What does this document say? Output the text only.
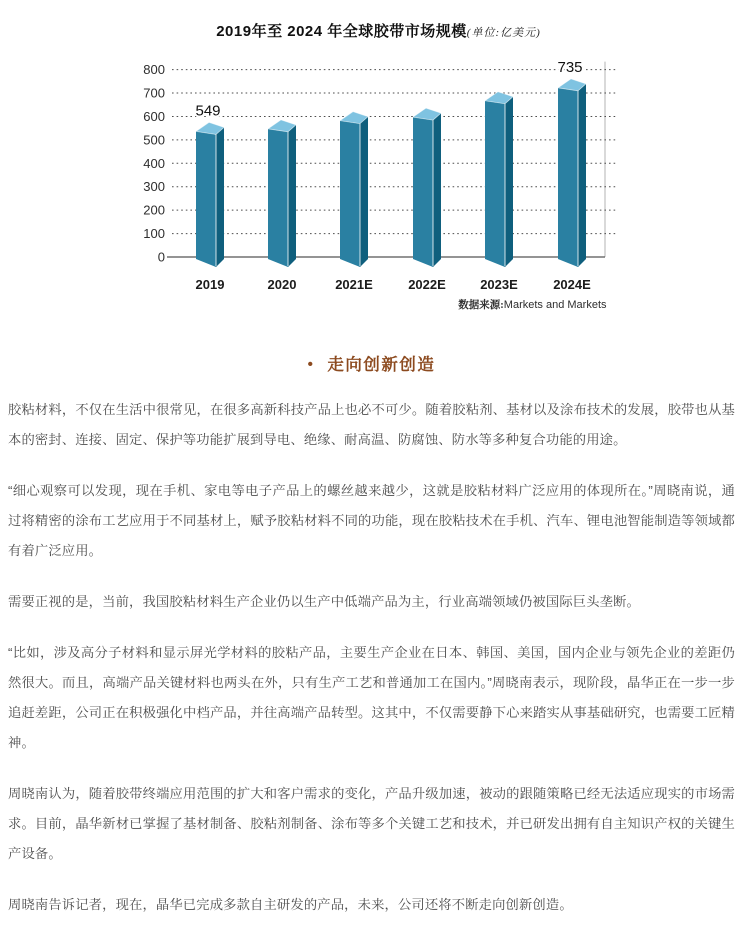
2019年至 2024 年全球胶带市场规模(单位:亿美元)
100
200
300
400
500
600
700
800
0
2019
549
2020	2021E	2022E	2023E	2024E
735
数据来源:Markets and Markets
• 走向创新创造

胶粘材料，不仅在生活中很常见，在很多高新科技产品上也必不可少。随着胶粘剂、基材以及涂布技术的发展，胶带也从基本的密封、连接、固定、保护等功能扩展到导电、绝缘、耐高温、防腐蚀、防水等多种复合功能的用途。

“细心观察可以发现，现在手机、家电等电子产品上的螺丝越来越少，这就是胶粘材料广泛应用的体现所在。”周晓南说，通过将精密的涂布工艺应用于不同基材上，赋予胶粘材料不同的功能，现在胶粘技术在手机、汽车、锂电池智能制造等领域都有着广泛应用。

需要正视的是，当前，我国胶粘材料生产企业仍以生产中低端产品为主，行业高端领域仍被国际巨头垄断。

“比如，涉及高分子材料和显示屏光学材料的胶粘产品，主要生产企业在日本、韩国、美国，国内企业与领先企业的差距仍然很大。而且，高端产品关键材料也两头在外，只有生产工艺和普通加工在国内。”周晓南表示，现阶段，晶华正在一步一步追赶差距，公司正在积极强化中档产品，并往高端产品转型。这其中，不仅需要静下心来踏实从事基础研究，也需要工匠精神。

周晓南认为，随着胶带终端应用范围的扩大和客户需求的变化，产品升级加速，被动的跟随策略已经无法适应现实的市场需求。目前，晶华新材已掌握了基材制备、胶粘剂制备、涂布等多个关键工艺和技术，并已研发出拥有自主知识产权的关键生产设备。

周晓南告诉记者，现在，晶华已完成多款自主研发的产品，未来，公司还将不断走向创新创造。
